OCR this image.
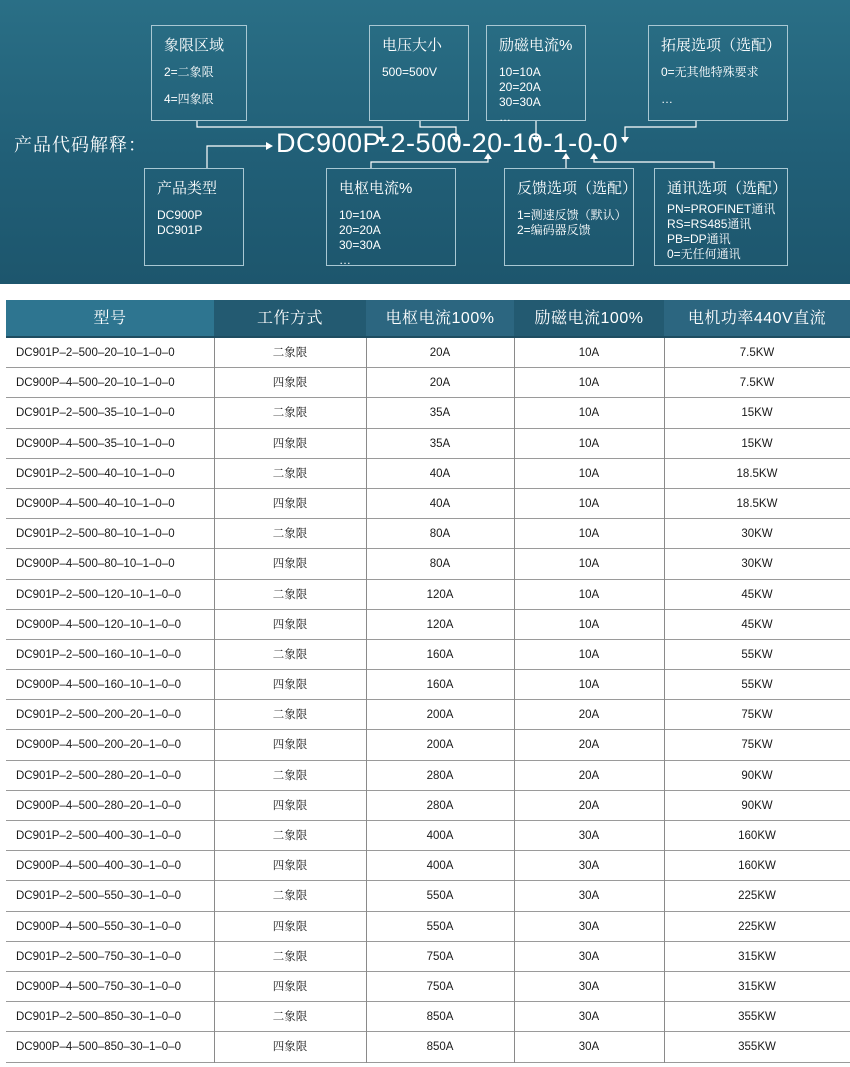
产品代码解释：	DC900P-2-500-20-10-1-0-0
象限区域
2=二象限
4=四象限
电压大小
500=500V
励磁电流%
10=10A
20=20A
30=30A
…
拓展选项（选配）
0=无其他特殊要求
…
产品类型
DC900P
DC901P
电枢电流%
10=10A
20=20A
30=30A
…
反馈选项（选配）
1=测速反馈（默认）
2=编码器反馈
通讯选项（选配）
PN=PROFINET通讯
RS=RS485通讯
PB=DP通讯
0=无任何通讯
型号	工作方式	电枢电流100%	励磁电流100%	电机功率440V直流
DC901P–2–500–20–10–1–0–0	二象限	20A	10A	7.5KW
DC900P–4–500–20–10–1–0–0	四象限	20A	10A	7.5KW
DC901P–2–500–35–10–1–0–0	二象限	35A	10A	15KW
DC900P–4–500–35–10–1–0–0	四象限	35A	10A	15KW
DC901P–2–500–40–10–1–0–0	二象限	40A	10A	18.5KW
DC900P–4–500–40–10–1–0–0	四象限	40A	10A	18.5KW
DC901P–2–500–80–10–1–0–0	二象限	80A	10A	30KW
DC900P–4–500–80–10–1–0–0	四象限	80A	10A	30KW
DC901P–2–500–120–10–1–0–0	二象限	120A	10A	45KW
DC900P–4–500–120–10–1–0–0	四象限	120A	10A	45KW
DC901P–2–500–160–10–1–0–0	二象限	160A	10A	55KW
DC900P–4–500–160–10–1–0–0	四象限	160A	10A	55KW
DC901P–2–500–200–20–1–0–0	二象限	200A	20A	75KW
DC900P–4–500–200–20–1–0–0	四象限	200A	20A	75KW
DC901P–2–500–280–20–1–0–0	二象限	280A	20A	90KW
DC900P–4–500–280–20–1–0–0	四象限	280A	20A	90KW
DC901P–2–500–400–30–1–0–0	二象限	400A	30A	160KW
DC900P–4–500–400–30–1–0–0	四象限	400A	30A	160KW
DC901P–2–500–550–30–1–0–0	二象限	550A	30A	225KW
DC900P–4–500–550–30–1–0–0	四象限	550A	30A	225KW
DC901P–2–500–750–30–1–0–0	二象限	750A	30A	315KW
DC900P–4–500–750–30–1–0–0	四象限	750A	30A	315KW
DC901P–2–500–850–30–1–0–0	二象限	850A	30A	355KW
DC900P–4–500–850–30–1–0–0	四象限	850A	30A	355KW
